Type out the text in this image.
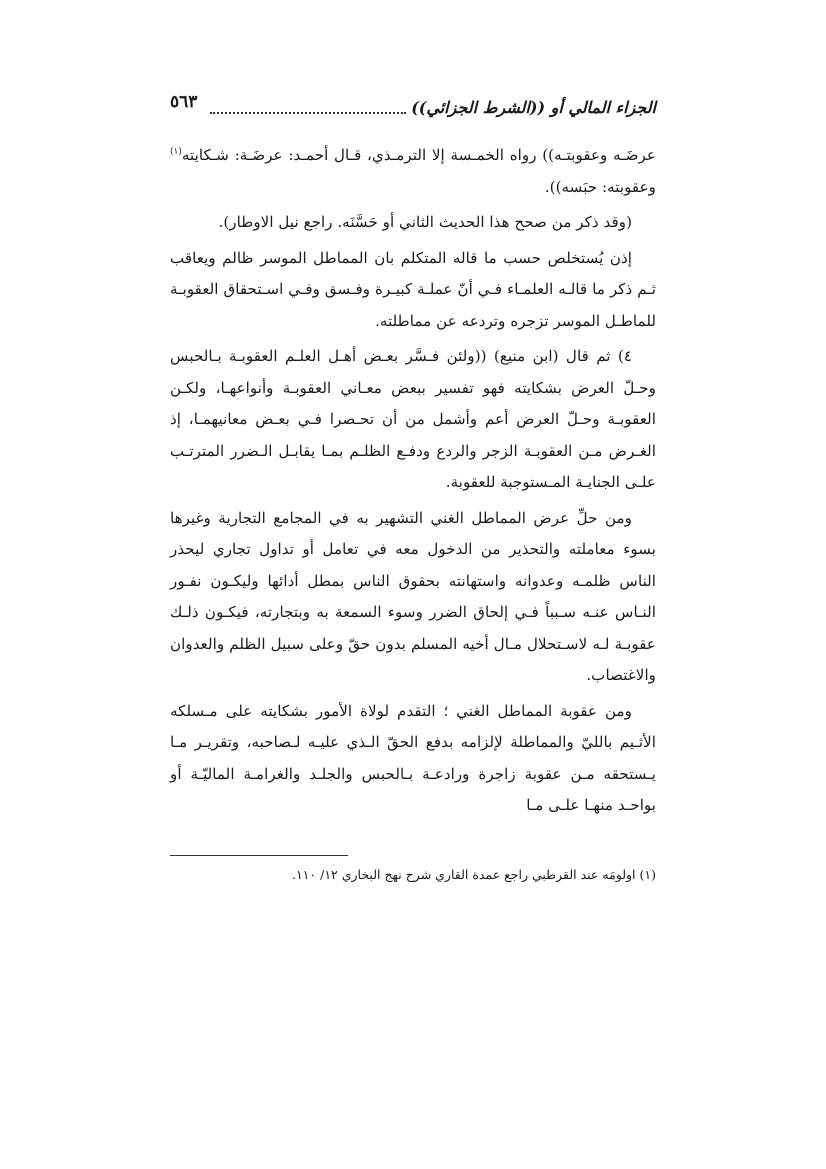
الجزاء المالي أو ((الشرط الجزائي))
٥٦٣

عرضَـه وعقوبتـه)) رواه الخمـسة إلا الترمـذي، قـال أحمـد: عرضَـة: شـكايته$^{(١)}$ وعقوبته: حبَسه)).

(وقد ذكر من صحح هذا الحديث الثاني أو حَسَّنَه. راجع نيل الاوطار).

إذن يُستخلص حسب ما قاله المتكلم بان المماطل الموسر ظالم ويعاقب ثـم ذكر ما قالـه العلمـاء فـي أنّ عملـة كبيـرة وفـسق وفـي اسـتحقاق العقوبـة للماطـل الموسر تزجره وتردعه عن مماطلته.

٤) ثم قال (ابن منيع) ((ولئن فـسَّر بعـض أهـل العلـم العقوبـة بـالحبس وحـلّ العرض بشكايته فهو تفسير ببعض معـاني العقوبـة وأنواعهـا، ولكـن العقوبـة وحـلّ العرض أعم وأشمل من أن تحـصرا فـي بعـض معانيهمـا، إذ الغـرض مـن العقوبـة الزجر والردع ودفـع الظلـم بمـا يقابـل الـضرر المترتـب علـى الجنايـة المـستوجبة للعقوبة.

ومن حلِّ عرض المماطل الغني التشهير به في المجامع التجارية وغيرها بسوء معاملته والتحذير من الدخول معه في تعامل أو تداول تجاري ليحذر الناس ظلمـه وعدوانه واستهانته بحقوق الناس بمطل أدائها وليكـون نفـور النـاس عنـه سـبباً فـي إلحاق الضرر وسوء السمعة به وبتجارته، فيكـون ذلـك عقوبـة لـه لاسـتحلال مـال أخيه المسلم بدون حقّ وعلى سبيل الظلم والعدوان والاغتصاب.

ومن عقوبة المماطل الغني ؛ التقدم لولاة الأمور بشكايته على مـسلكه الأثـيم بالليّ والمماطلة لإلزامه بدفع الحقّ الـذي عليـه لـصاحبه، وتقريـر مـا يـستحقه مـن عقوبة زاجرة ورادعـة بـالحبس والجلـد والغرامـة الماليّـة أو بواحـد منهـا علـى مـا

(١) اولومَه عند القرطبي راجع عمدة القاري شرح نهج البخاري ١٢/ ١١٠.
